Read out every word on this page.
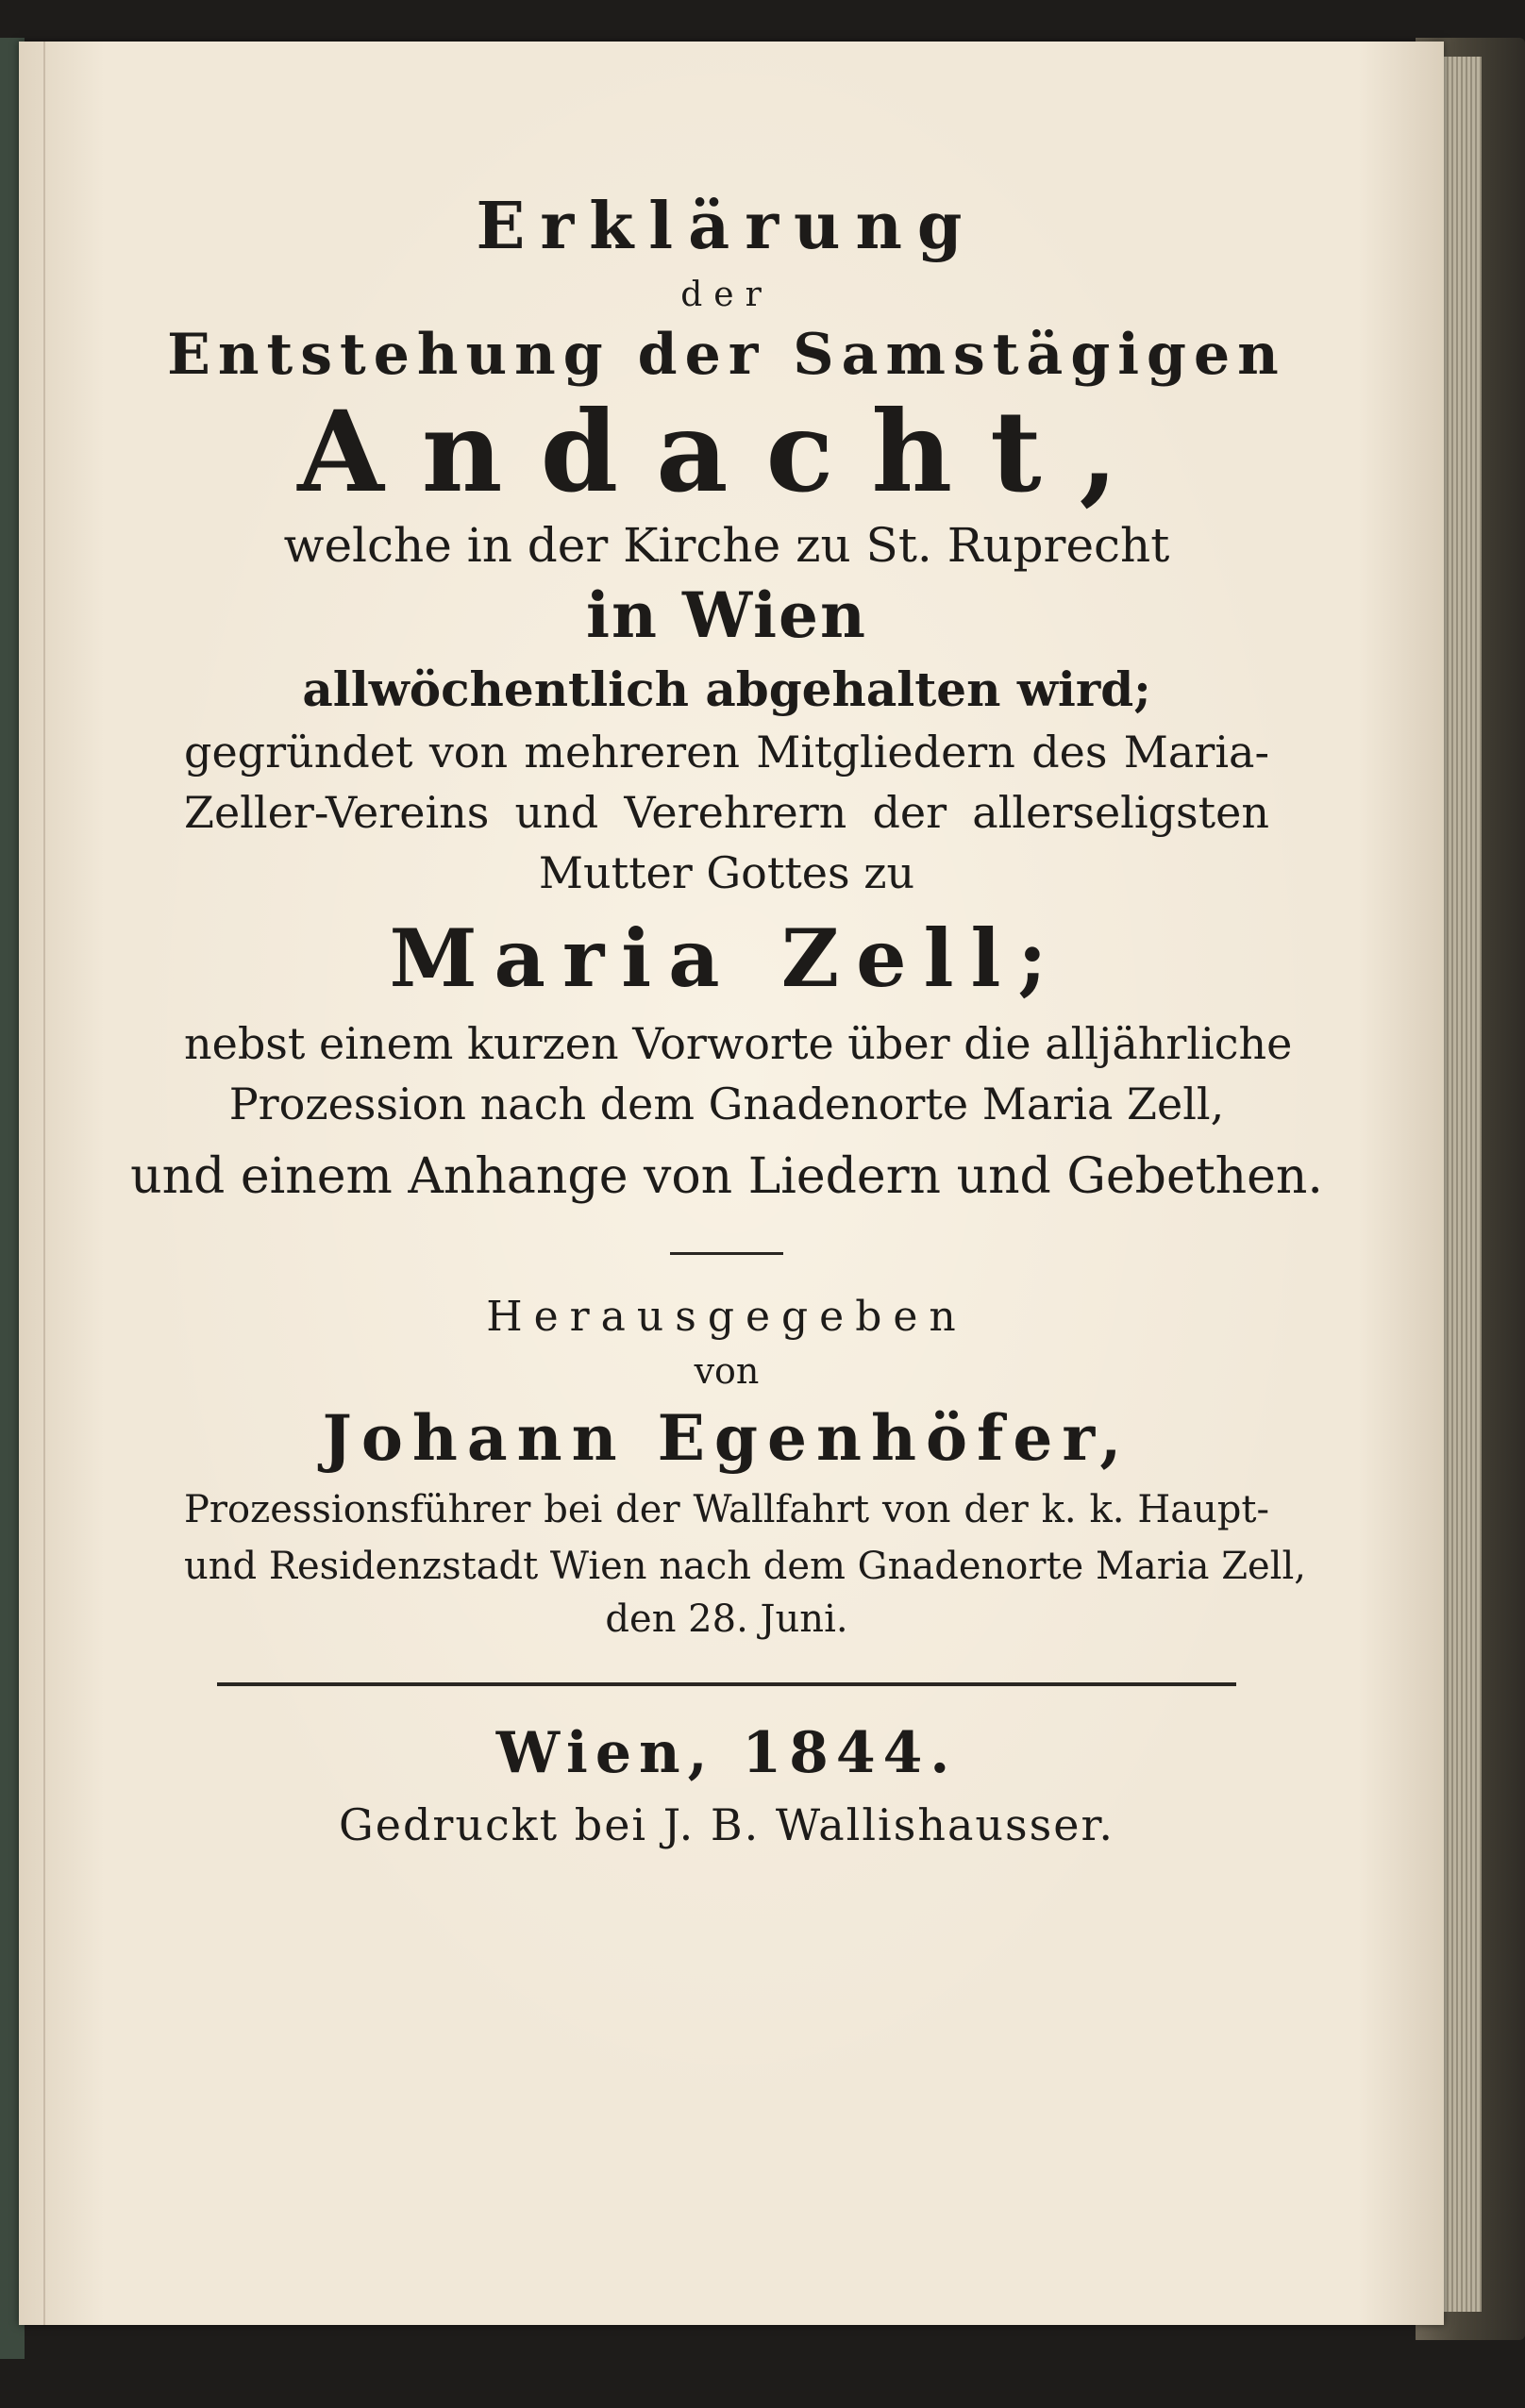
Erklärung
der
Entstehung der Samstägigen
Andacht,
welche in der Kirche zu St. Ruprecht
in Wien
allwöchentlich abgehalten wird;
gegründet von mehreren Mitgliedern des Maria-
Zeller-Vereins und Verehrern der allerseligsten
Mutter Gottes zu
Maria Zell;
nebst einem kurzen Vorworte über die alljährliche
Prozession nach dem Gnadenorte Maria Zell,
und einem Anhange von Liedern und Gebethen.
Herausgegeben
von
Johann Egenhöfer,
Prozessionsführer bei der Wallfahrt von der k. k. Haupt-
und Residenzstadt Wien nach dem Gnadenorte Maria Zell,
den 28. Juni.
Wien, 1844.
Gedruckt bei J. B. Wallishausser.
